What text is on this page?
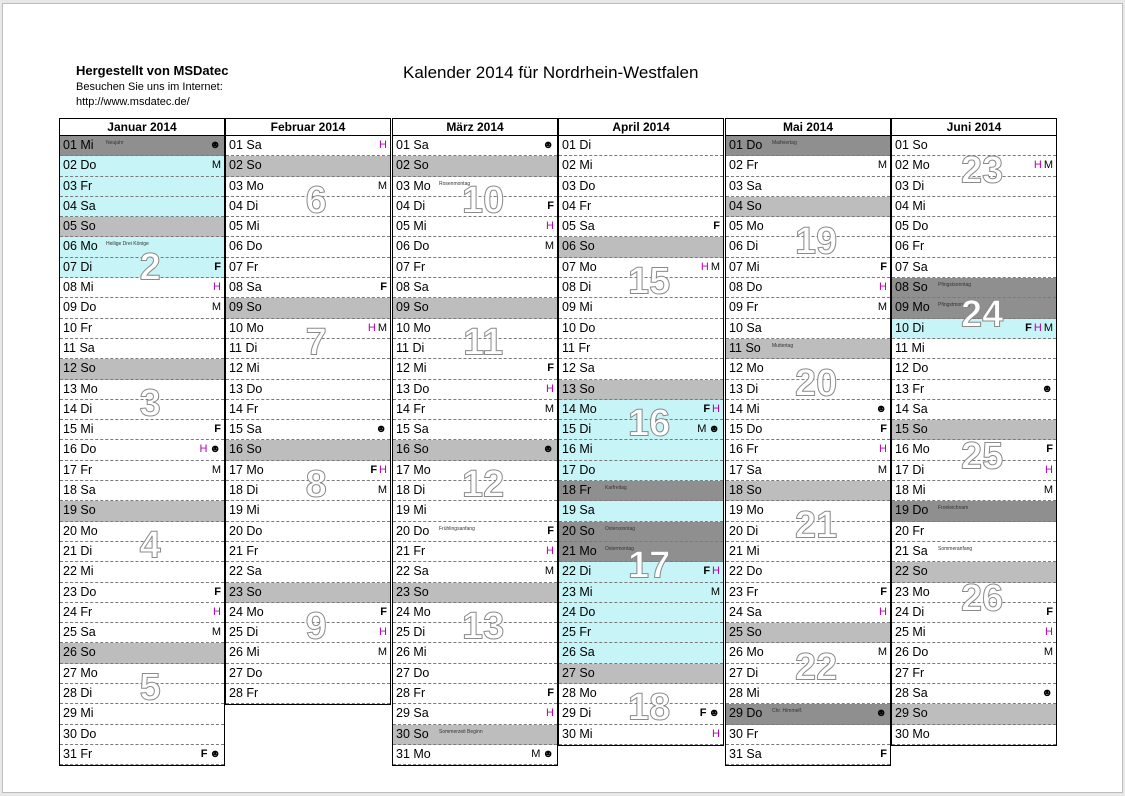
Hergestellt von MSDatec
Besuchen Sie uns im Internet:
http://www.msdatec.de/
Kalender 2014 für Nordrhein-Westfalen
Januar 2014
01 Mi Neujahr	☻
02 Do	M
03 Fr
04 Sa
05 So
06 Mo Heilige Drei Könige
07 Di	F
08 Mi	H
09 Do	M
10 Fr
11 Sa
12 So
13 Mo
14 Di
15 Mi	F
16 Do	H ☻
17 Fr	M
18 Sa
19 So
20 Mo
21 Di
22 Mi
23 Do	F
24 Fr	H
25 Sa	M
26 So
27 Mo
28 Di
29 Mi
30 Do
31 Fr	F ☻
2
3
4
5
Februar 2014
01 Sa	H
02 So
03 Mo	M
04 Di
05 Mi
06 Do
07 Fr
08 Sa	F
09 So
10 Mo	H M
11 Di
12 Mi
13 Do
14 Fr
15 Sa	☻
16 So
17 Mo	F H
18 Di	M
19 Mi
20 Do
21 Fr
22 Sa
23 So
24 Mo	F
25 Di	H
26 Mi	M
27 Do
28 Fr
6
7
8
9
März 2014
01 Sa	☻
02 So
03 Mo Rosenmontag
04 Di	F
05 Mi	H
06 Do	M
07 Fr
08 Sa
09 So
10 Mo
11 Di
12 Mi	F
13 Do	H
14 Fr	M
15 Sa
16 So	☻
17 Mo
18 Di
19 Mi
20 Do Frühlingsanfang	F
21 Fr	H
22 Sa	M
23 So
24 Mo
25 Di
26 Mi
27 Do
28 Fr	F
29 Sa	H
30 So Sommerzeit Beginn
31 Mo	M ☻
10
11
12
13
April 2014
01 Di
02 Mi
03 Do
04 Fr
05 Sa	F
06 So
07 Mo	H M
08 Di
09 Mi
10 Do
11 Fr
12 Sa
13 So
14 Mo	F H
15 Di	M ☻
16 Mi
17 Do
18 Fr	Karfreitag
19 Sa
20 So Ostersonntag
21 Mo Ostermontag
22 Di	F H
23 Mi	M
24 Do
25 Fr
26 Sa
27 So
28 Mo
29 Di	F ☻
30 Mi	H
15
16
17
18
Mai 2014
01 Do Maifeiertag
02 Fr	M
03 Sa
04 So
05 Mo
06 Di
07 Mi	F
08 Do	H
09 Fr	M
10 Sa
11 So Muttertag
12 Mo
13 Di
14 Mi	☻
15 Do	F
16 Fr	H
17 Sa	M
18 So
19 Mo
20 Di
21 Mi
22 Do
23 Fr	F
24 Sa	H
25 So
26 Mo	M
27 Di
28 Mi
29 Do Chr. Himmelf.	☻
30 Fr
31 Sa	F
19
20
21
22
Juni 2014
01 So
02 Mo	H M
03 Di
04 Mi
05 Do
06 Fr
07 Sa
08 So Pfingstsonntag
09 Mo Pfingstmontag
10 Di	F H M
11 Mi
12 Do
13 Fr	☻
14 Sa
15 So
16 Mo	F
17 Di	H
18 Mi	M
19 Do Fronleichnam
20 Fr
21 Sa Sommeranfang
22 So
23 Mo
24 Di	F
25 Mi	H
26 Do	M
27 Fr
28 Sa	☻
29 So
30 Mo
23
24
25
26
